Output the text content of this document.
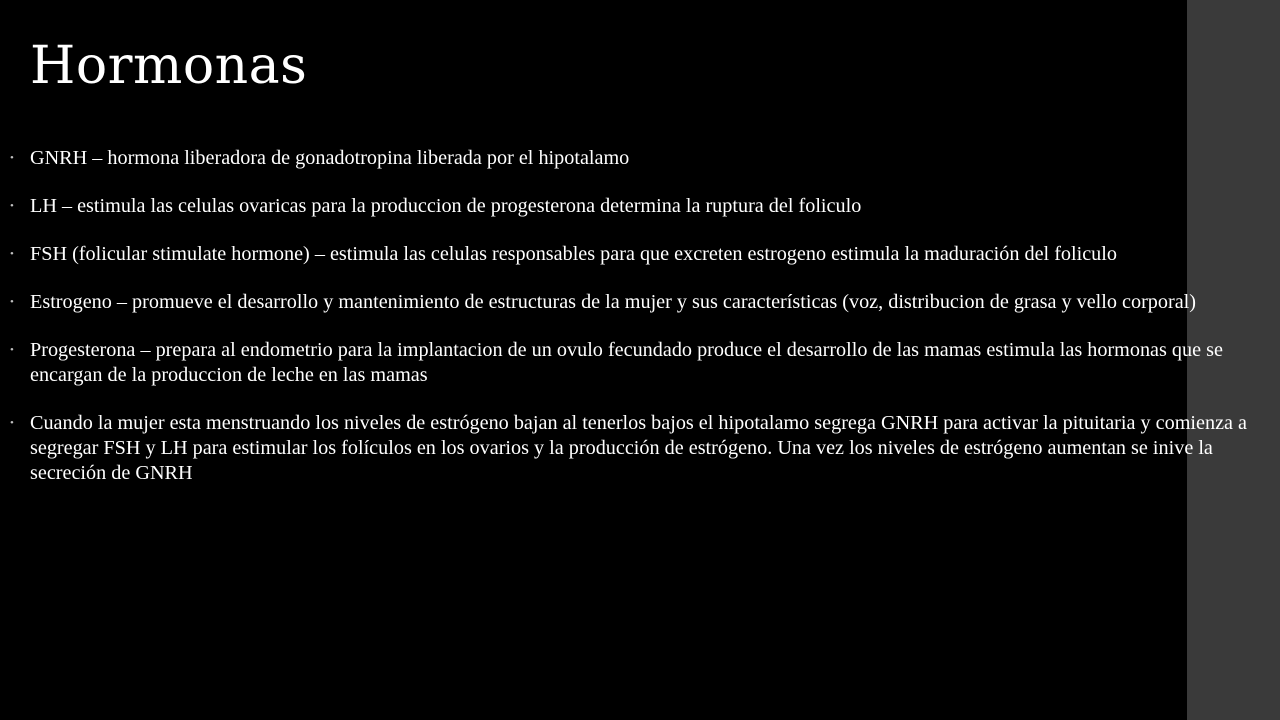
Hormonas
• GNRH – hormona liberadora de gonadotropina liberada por el hipotalamo
• LH – estimula las celulas ovaricas para la produccion de progesterona determina la ruptura del foliculo
• FSH (folicular stimulate hormone) – estimula las celulas responsables para que excreten estrogeno estimula la maduración del foliculo
• Estrogeno – promueve el desarrollo y mantenimiento de estructuras de la mujer y sus características (voz, distribucion de grasa y vello corporal)
• Progesterona – prepara al endometrio para la implantacion de un ovulo fecundado produce el desarrollo de las mamas estimula las hormonas que se encargan de la produccion de leche en las mamas
• Cuando la mujer esta menstruando los niveles de estrógeno bajan al tenerlos bajos el hipotalamo segrega GNRH para activar la pituitaria y comienza a segregar FSH y LH para estimular los folículos en los ovarios y la producción de estrógeno. Una vez los niveles de estrógeno aumentan se inive la secreción de GNRH
